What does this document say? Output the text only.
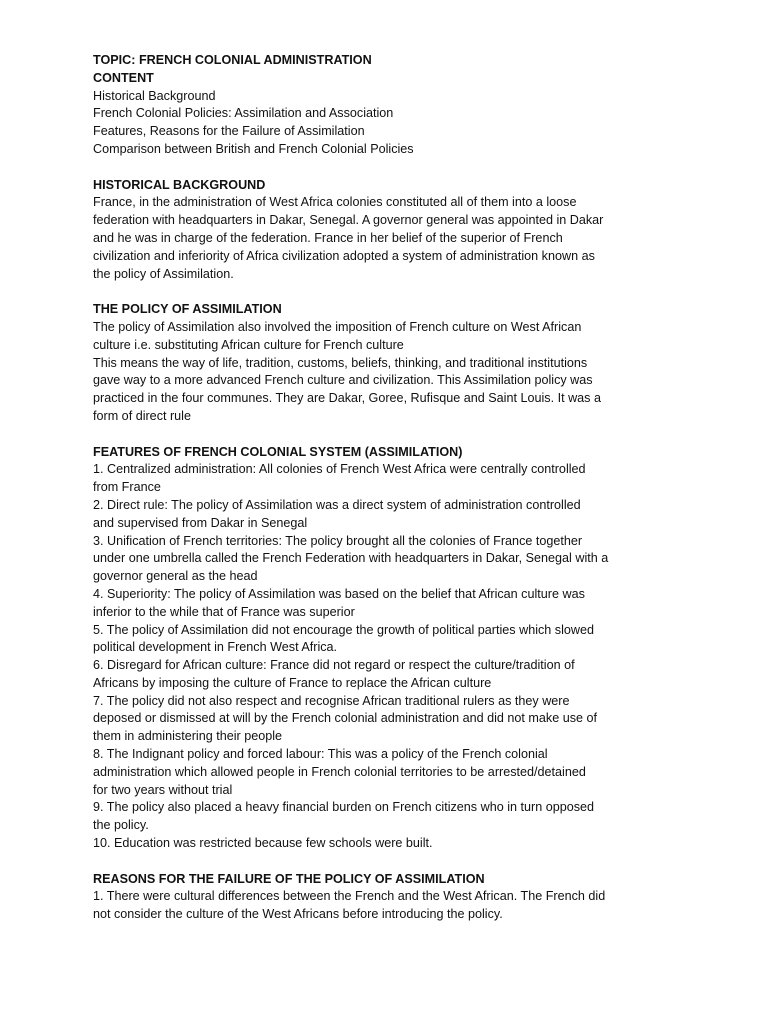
TOPIC: FRENCH COLONIAL ADMINISTRATION

CONTENT

Historical Background

French Colonial Policies: Assimilation and Association

Features, Reasons for the Failure of Assimilation

Comparison between British and French Colonial Policies

HISTORICAL BACKGROUND

France, in the administration of West Africa colonies constituted all of them into a loose

federation with headquarters in Dakar, Senegal. A governor general was appointed in Dakar

and he was in charge of the federation. France in her belief of the superior of French

civilization and inferiority of Africa civilization adopted a system of administration known as

the policy of Assimilation.

THE POLICY OF ASSIMILATION

The policy of Assimilation also involved the imposition of French culture on West African

culture i.e. substituting African culture for French culture

This means the way of life, tradition, customs, beliefs, thinking, and traditional institutions

gave way to a more advanced French culture and civilization. This Assimilation policy was

practiced in the four communes. They are Dakar, Goree, Rufisque and Saint Louis. It was a

form of direct rule

FEATURES OF FRENCH COLONIAL SYSTEM (ASSIMILATION)

1. Centralized administration: All colonies of French West Africa were centrally controlled

from France

2. Direct rule: The policy of Assimilation was a direct system of administration controlled

and supervised from Dakar in Senegal

3. Unification of French territories: The policy brought all the colonies of France together

under one umbrella called the French Federation with headquarters in Dakar, Senegal with a

governor general as the head

4. Superiority: The policy of Assimilation was based on the belief that African culture was

inferior to the while that of France was superior

5. The policy of Assimilation did not encourage the growth of political parties which slowed

political development in French West Africa.

6. Disregard for African culture: France did not regard or respect the culture/tradition of

Africans by imposing the culture of France to replace the African culture

7. The policy did not also respect and recognise African traditional rulers as they were

deposed or dismissed at will by the French colonial administration and did not make use of

them in administering their people

8. The Indignant policy and forced labour: This was a policy of the French colonial

administration which allowed people in French colonial territories to be arrested/detained

for two years without trial

9. The policy also placed a heavy financial burden on French citizens who in turn opposed

the policy.

10. Education was restricted because few schools were built.

REASONS FOR THE FAILURE OF THE POLICY OF ASSIMILATION

1. There were cultural differences between the French and the West African. The French did

not consider the culture of the West Africans before introducing the policy.
